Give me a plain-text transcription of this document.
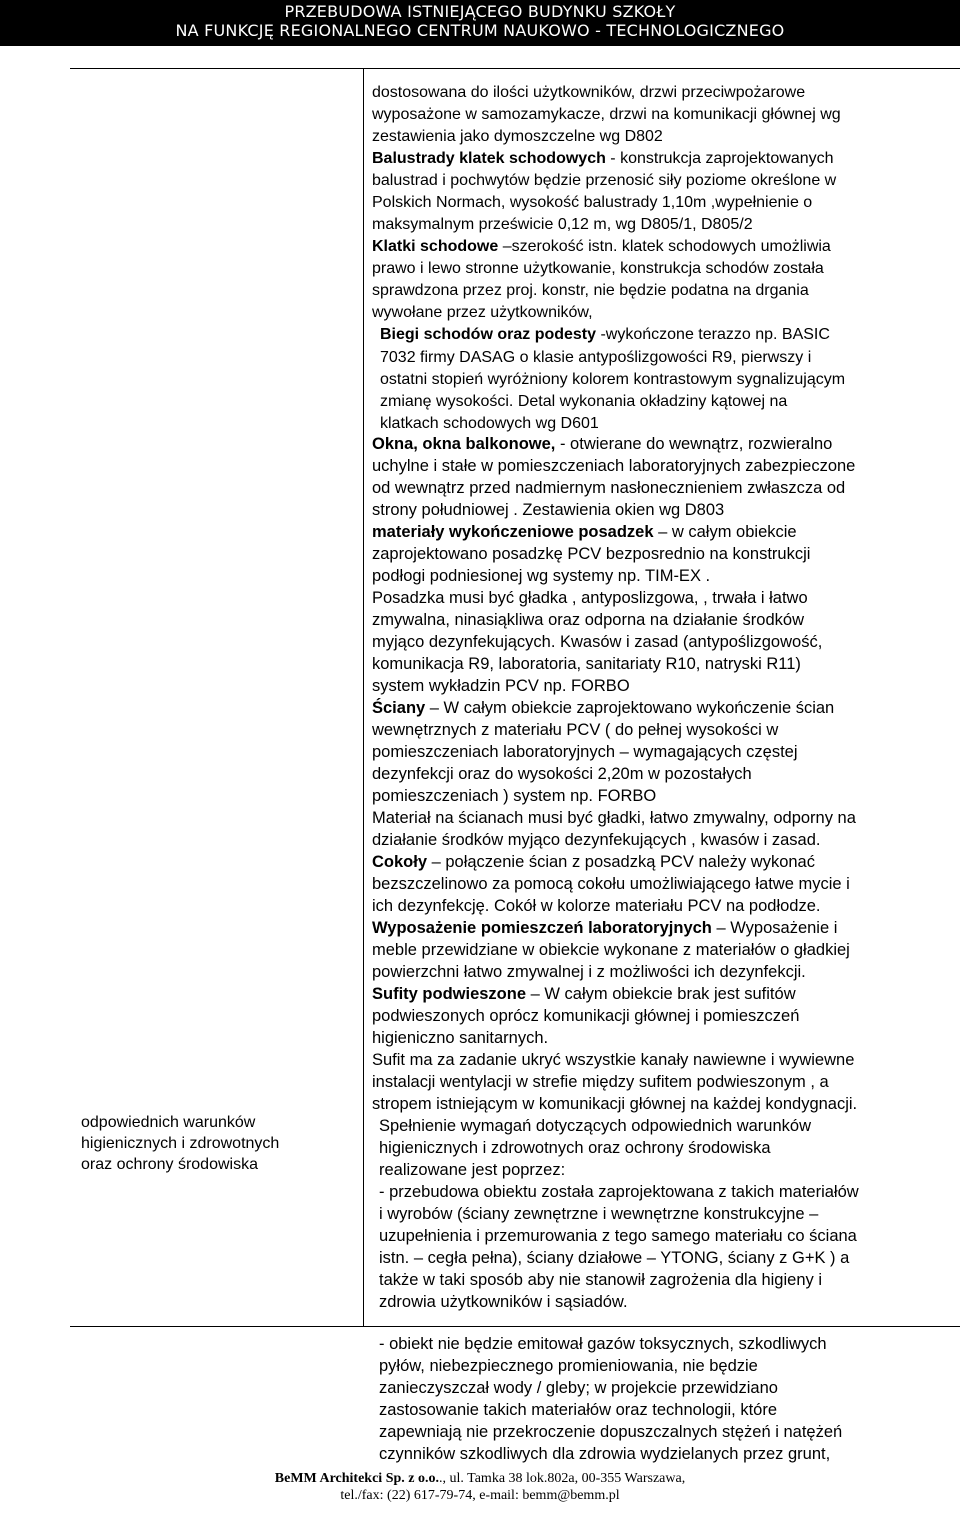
PRZEBUDOWA ISTNIEJĄCEGO BUDYNKU SZKOŁY
NA FUNKCJĘ REGIONALNEGO CENTRUM NAUKOWO - TECHNOLOGICZNEGO
odpowiednich warunków
higienicznych i zdrowotnych
oraz ochrony środowiska
dostosowana do ilości użytkowników, drzwi przeciwpożarowe
wyposażone w samozamykacze, drzwi na komunikacji głównej wg
zestawienia jako dymoszczelne wg D802
Balustrady klatek schodowych - konstrukcja zaprojektowanych
balustrad i pochwytów będzie przenosić siły poziome określone w
Polskich Normach, wysokość balustrady 1,10m ,wypełnienie o
maksymalnym prześwicie 0,12 m, wg D805/1, D805/2
Klatki schodowe –szerokość istn. klatek schodowych umożliwia
prawo i lewo stronne użytkowanie, konstrukcja schodów została
sprawdzona przez proj. konstr, nie będzie podatna na drgania
wywołane przez użytkowników,
Biegi schodów oraz podesty -wykończone terazzo np. BASIC
7032 firmy DASAG o klasie antypoślizgowości R9, pierwszy i
ostatni stopień wyróżniony kolorem kontrastowym sygnalizującym
zmianę wysokości. Detal wykonania okładziny kątowej na
klatkach schodowych wg D601
Okna, okna balkonowe, - otwierane do wewnątrz, rozwieralno
uchylne i stałe w pomieszczeniach laboratoryjnych zabezpieczone
od wewnątrz przed nadmiernym nasłonecznieniem zwłaszcza od
strony południowej . Zestawienia okien wg D803
materiały wykończeniowe posadzek – w całym obiekcie
zaprojektowano posadzkę PCV bezposrednio na konstrukcji
podłogi podniesionej wg systemy np. TIM-EX .
Posadzka musi być gładka , antyposlizgowa, , trwała i łatwo
zmywalna, ninasiąkliwa oraz odporna na działanie środków
myjąco dezynfekujących. Kwasów i zasad (antypoślizgowość,
komunikacja R9, laboratoria, sanitariaty R10, natryski R11)
system wykładzin PCV np. FORBO
Ściany – W całym obiekcie zaprojektowano wykończenie ścian
wewnętrznych z materiału PCV ( do pełnej wysokości w
pomieszczeniach laboratoryjnych – wymagających częstej
dezynfekcji oraz do wysokości 2,20m w pozostałych
pomieszczeniach ) system np. FORBO
Materiał na ścianach musi być gładki, łatwo zmywalny, odporny na
działanie środków myjąco dezynfekujących , kwasów i zasad.
Cokoły – połączenie ścian z posadzką PCV należy wykonać
bezszczelinowo za pomocą cokołu umożliwiającego łatwe mycie i
ich dezynfekcję. Cokół w kolorze materiału PCV na podłodze.
Wyposażenie pomieszczeń laboratoryjnych – Wyposażenie i
meble przewidziane w obiekcie wykonane z materiałów o gładkiej
powierzchni łatwo zmywalnej i z możliwości ich dezynfekcji.
Sufity podwieszone – W całym obiekcie brak jest sufitów
podwieszonych oprócz komunikacji głównej i pomieszczeń
higieniczno sanitarnych.
Sufit ma za zadanie ukryć wszystkie kanały nawiewne i wywiewne
instalacji wentylacji w strefie między sufitem podwieszonym , a
stropem istniejącym w komunikacji głównej na każdej kondygnacji.
Spełnienie wymagań dotyczących odpowiednich warunków
higienicznych i zdrowotnych oraz ochrony środowiska
realizowane jest poprzez:
- przebudowa obiektu została zaprojektowana z takich materiałów
i wyrobów (ściany zewnętrzne i wewnętrzne konstrukcyjne –
uzupełnienia i przemurowania z tego samego materiału co ściana
istn. – cegła pełna), ściany działowe – YTONG, ściany z G+K ) a
także w taki sposób aby nie stanowił zagrożenia dla higieny i
zdrowia użytkowników i sąsiadów.
- obiekt nie będzie emitował gazów toksycznych, szkodliwych
pyłów, niebezpiecznego promieniowania, nie będzie
zanieczyszczał wody / gleby; w projekcie przewidziano
zastosowanie takich materiałów oraz technologii, które
zapewniają nie przekroczenie dopuszczalnych stężeń i natężeń
czynników szkodliwych dla zdrowia wydzielanych przez grunt,
BeMM Architekci Sp. z o.o.., ul. Tamka 38 lok.802a, 00-355 Warszawa,
tel./fax: (22) 617-79-74, e-mail: bemm@bemm.pl
